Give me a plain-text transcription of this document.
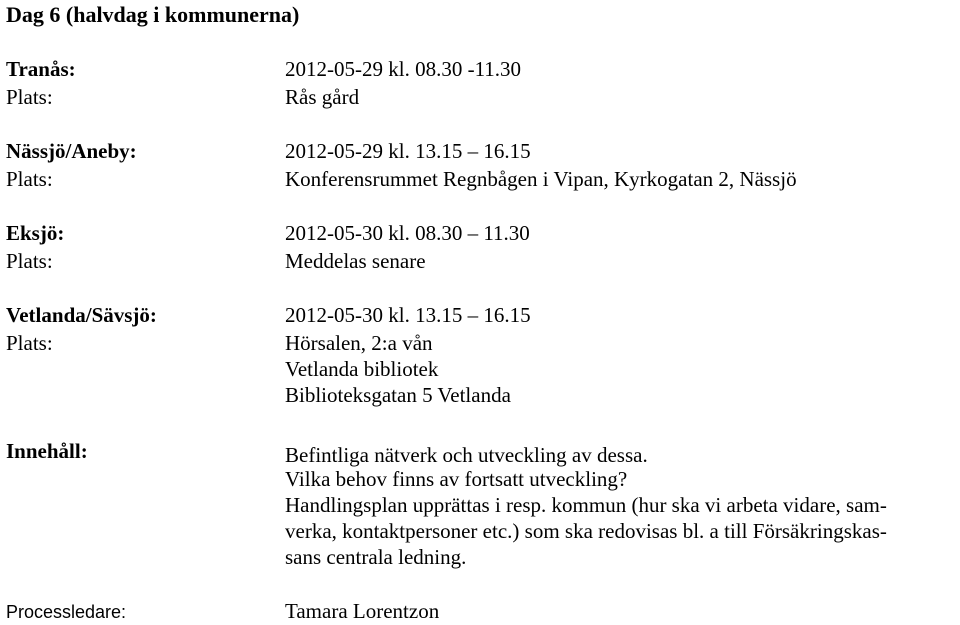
Dag 6 (halvdag i kommunerna)
Tranås:	2012-05-29 kl. 08.30 -11.30
Plats:	Rås gård
Nässjö/Aneby:	2012-05-29 kl. 13.15 – 16.15
Plats:	Konferensrummet Regnbågen i Vipan, Kyrkogatan 2, Nässjö
Eksjö:	2012-05-30 kl. 08.30 – 11.30
Plats:	Meddelas senare
Vetlanda/Sävsjö:	2012-05-30 kl. 13.15 – 16.15
Plats:	Hörsalen, 2:a vån
Vetlanda bibliotek
Biblioteksgatan 5 Vetlanda
Innehåll:	Befintliga nätverk och utveckling av dessa.
Vilka behov finns av fortsatt utveckling?
Handlingsplan upprättas i resp. kommun (hur ska vi arbeta vidare, sam-
verka, kontaktpersoner etc.) som ska redovisas bl. a till Försäkringskas-
sans centrala ledning.
Processledare:	Tamara Lorentzon
